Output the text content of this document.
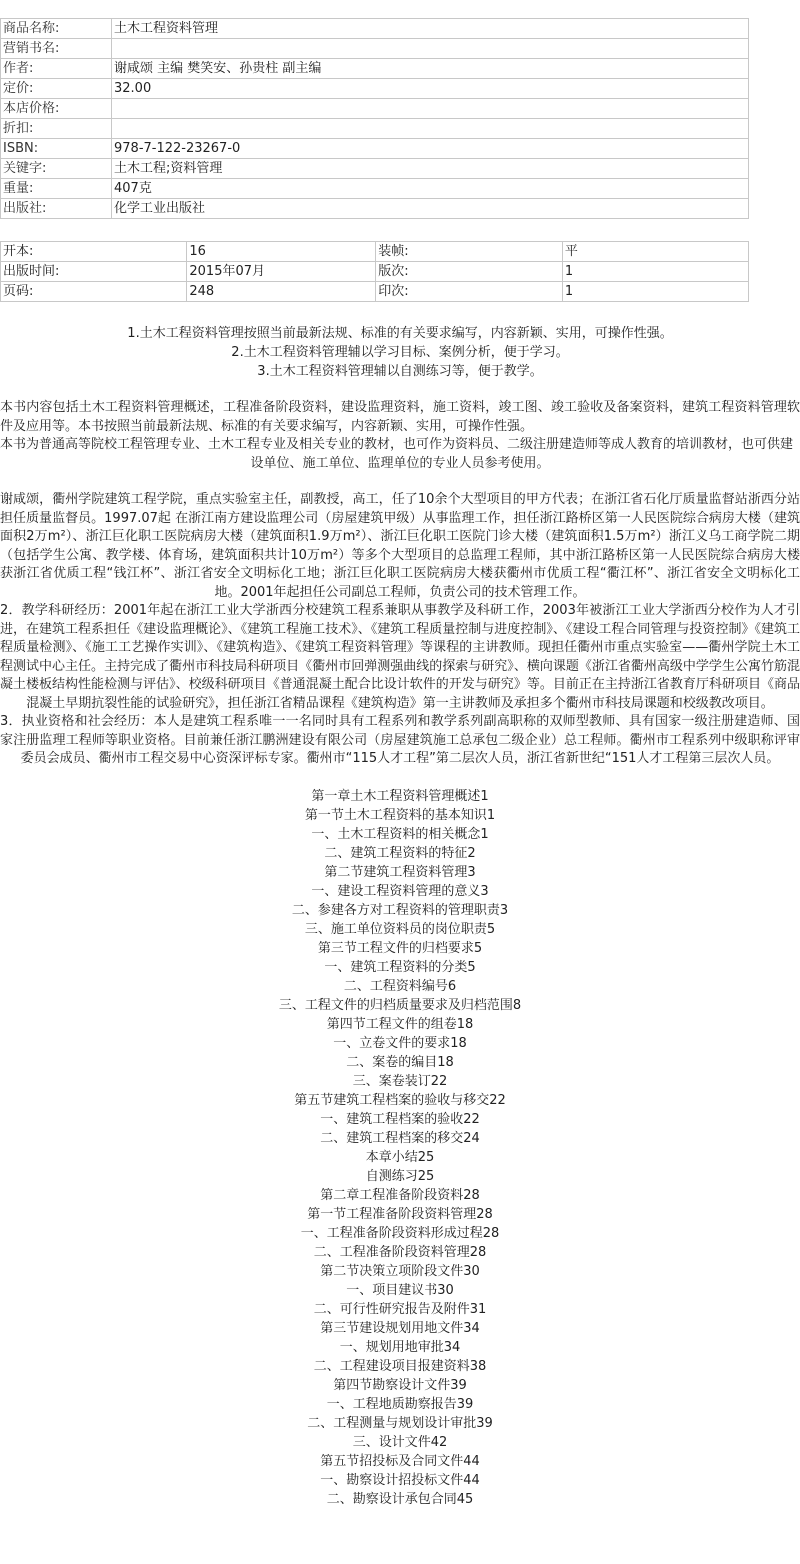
商品名称:	土木工程资料管理
营销书名:	
作者:	谢咸颂 主编 樊笑安、孙贵柱 副主编
定价:	32.00
本店价格:	
折扣:	
ISBN:	978-7-122-23267-0
关键字:	土木工程;资料管理
重量:	407克
出版社:	化学工业出版社
开本:	16	装帧:	平
出版时间:	2015年07月	版次:	1
页码:	248	印次:	1
1.土木工程资料管理按照当前最新法规、标准的有关要求编写，内容新颖、实用，可操作性强。
2.土木工程资料管理辅以学习目标、案例分析，便于学习。
3.土木工程资料管理辅以自测练习等，便于教学。

本书内容包括土木工程资料管理概述，工程准备阶段资料，建设监理资料，施工资料，竣工图、竣工验收及备案资料，建筑工程资料管理软件及应用等。本书按照当前最新法规、标准的有关要求编写，内容新颖、实用，可操作性强。

本书为普通高等院校工程管理专业、土木工程专业及相关专业的教材，也可作为资料员、二级注册建造师等成人教育的培训教材，也可供建设单位、施工单位、监理单位的专业人员参考使用。

谢咸颂，衢州学院建筑工程学院，重点实验室主任，副教授，高工，任了10余个大型项目的甲方代表；在浙江省石化厅质量监督站浙西分站担任质量监督员。1997.07起 在浙江南方建设监理公司（房屋建筑甲级）从事监理工作，担任浙江路桥区第一人民医院综合病房大楼（建筑面积2万m²）、浙江巨化职工医院病房大楼（建筑面积1.9万m²）、浙江巨化职工医院门诊大楼（建筑面积1.5万m²）浙江义乌工商学院二期（包括学生公寓、教学楼、体育场，建筑面积共计10万m²）等多个大型项目的总监理工程师，其中浙江路桥区第一人民医院综合病房大楼获浙江省优质工程“钱江杯”、浙江省安全文明标化工地；浙江巨化职工医院病房大楼获衢州市优质工程“衢江杯”、浙江省安全文明标化工地。2001年起担任公司副总工程师，负责公司的技术管理工作。

2．教学科研经历：2001年起在浙江工业大学浙西分校建筑工程系兼职从事教学及科研工作，2003年被浙江工业大学浙西分校作为人才引进，在建筑工程系担任《建设监理概论》、《建筑工程施工技术》、《建筑工程质量控制与进度控制》、《建设工程合同管理与投资控制》《建筑工程质量检测》、《施工工艺操作实训》、《建筑构造》、《建筑工程资料管理》等课程的主讲教师。现担任衢州市重点实验室——衢州学院土木工程测试中心主任。主持完成了衢州市科技局科研项目《衢州市回弹测强曲线的探索与研究》、横向课题《浙江省衢州高级中学学生公寓竹筋混凝土楼板结构性能检测与评估》、校级科研项目《普通混凝土配合比设计软件的开发与研究》等。目前正在主持浙江省教育厅科研项目《商品混凝土早期抗裂性能的试验研究》，担任浙江省精品课程《建筑构造》第一主讲教师及承担多个衢州市科技局课题和校级教改项目。

3．执业资格和社会经历：本人是建筑工程系唯一一名同时具有工程系列和教学系列副高职称的双师型教师、具有国家一级注册建造师、国家注册监理工程师等职业资格。目前兼任浙江鹏洲建设有限公司（房屋建筑施工总承包二级企业）总工程师。衢州市工程系列中级职称评审委员会成员、衢州市工程交易中心资深评标专家。衢州市“115人才工程”第二层次人员，浙江省新世纪“151人才工程第三层次人员。

第一章土木工程资料管理概述1
第一节土木工程资料的基本知识1
一、土木工程资料的相关概念1
二、建筑工程资料的特征2
第二节建筑工程资料管理3
一、建设工程资料管理的意义3
二、参建各方对工程资料的管理职责3
三、施工单位资料员的岗位职责5
第三节工程文件的归档要求5
一、建筑工程资料的分类5
二、工程资料编号6
三、工程文件的归档质量要求及归档范围8
第四节工程文件的组卷18
一、立卷文件的要求18
二、案卷的编目18
三、案卷装订22
第五节建筑工程档案的验收与移交22
一、建筑工程档案的验收22
二、建筑工程档案的移交24
本章小结25
自测练习25
第二章工程准备阶段资料28
第一节工程准备阶段资料管理28
一、工程准备阶段资料形成过程28
二、工程准备阶段资料管理28
第二节决策立项阶段文件30
一、项目建议书30
二、可行性研究报告及附件31
第三节建设规划用地文件34
一、规划用地审批34
二、工程建设项目报建资料38
第四节勘察设计文件39
一、工程地质勘察报告39
二、工程测量与规划设计审批39
三、设计文件42
第五节招投标及合同文件44
一、勘察设计招投标文件44
二、勘察设计承包合同45
